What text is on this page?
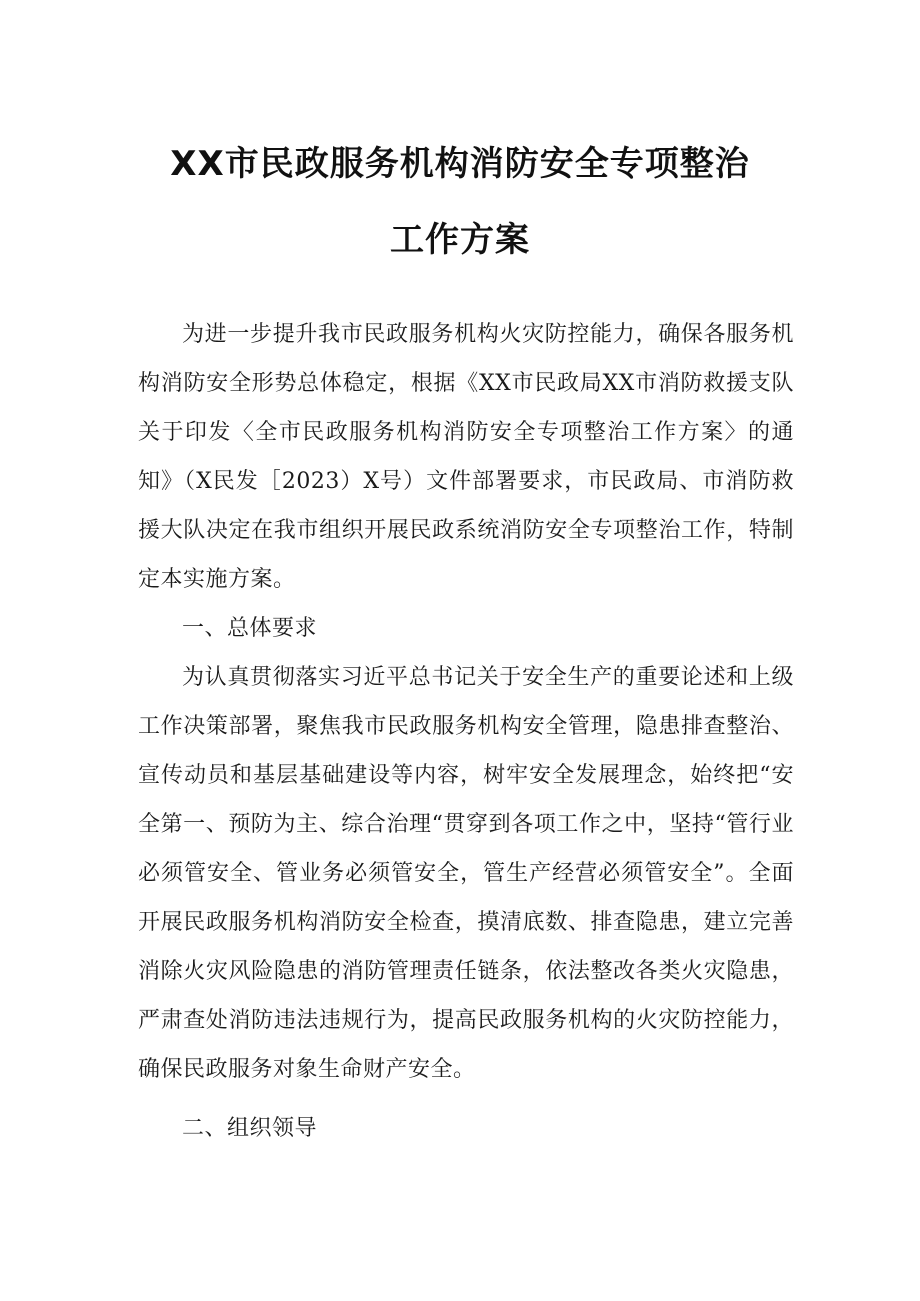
XX市民政服务机构消防安全专项整治
工作方案

为进一步提升我市民政服务机构火灾防控能力，确保各服务机构消防安全形势总体稳定，根据《XX市民政局XX市消防救援支队关于印发〈全市民政服务机构消防安全专项整治工作方案〉的通知》（X民发［2023）X号）文件部署要求，市民政局、市消防救援大队决定在我市组织开展民政系统消防安全专项整治工作，特制定本实施方案。

一、总体要求

为认真贯彻落实习近平总书记关于安全生产的重要论述和上级工作决策部署，聚焦我市民政服务机构安全管理，隐患排查整治、宣传动员和基层基础建设等内容，树牢安全发展理念，始终把“安全第一、预防为主、综合治理“贯穿到各项工作之中，坚持“管行业必须管安全、管业务必须管安全，管生产经营必须管安全”。全面开展民政服务机构消防安全检查，摸清底数、排查隐患，建立完善消除火灾风险隐患的消防管理责任链条，依法整改各类火灾隐患，严肃查处消防违法违规行为，提高民政服务机构的火灾防控能力，确保民政服务对象生命财产安全。

二、组织领导
